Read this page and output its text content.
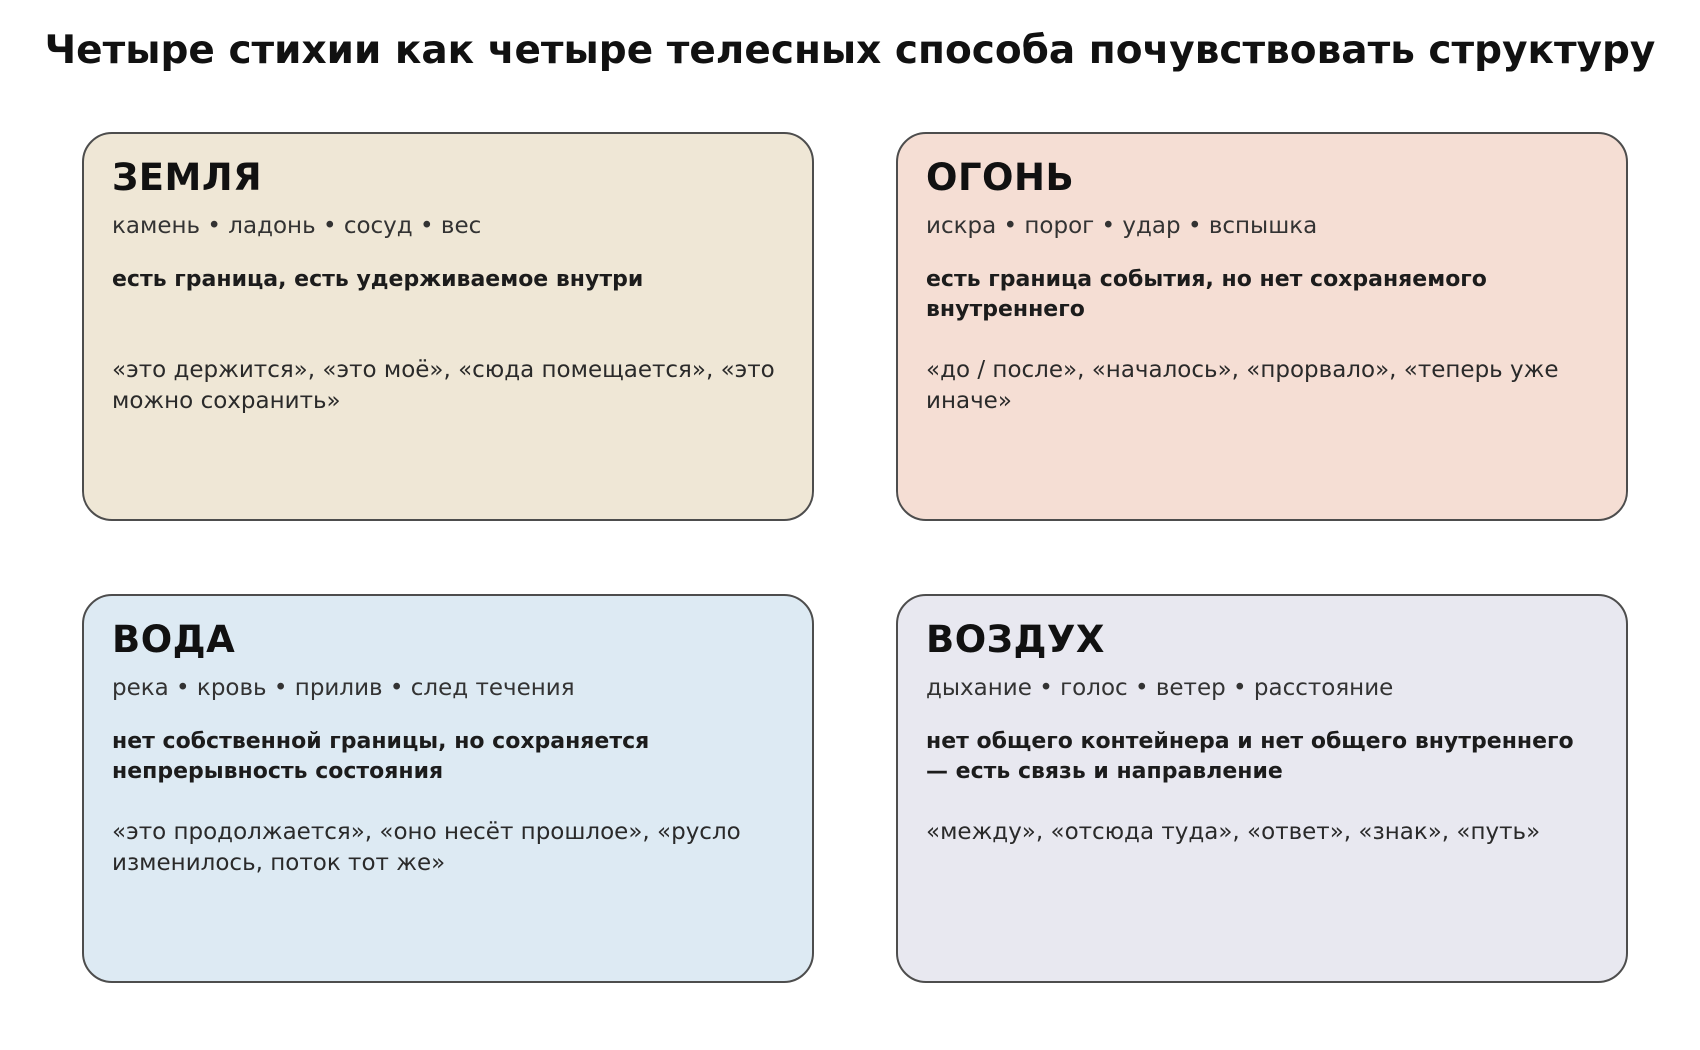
Четыре стихии как четыре телесных способа почувствовать структуру
ЗЕМЛЯ
камень • ладонь • сосуд • вес
есть граница, есть удерживаемое внутри
«это держится», «это моё», «сюда помещается», «это можно сохранить»
ОГОНЬ
искра • порог • удар • вспышка
есть граница события, но нет сохраняемого внутреннего
«до / после», «началось», «прорвало», «теперь уже иначе»
ВОДА
река • кровь • прилив • след течения
нет собственной границы, но сохраняется непрерывность состояния
«это продолжается», «оно несёт прошлое», «русло изменилось, поток тот же»
ВОЗДУХ
дыхание • голос • ветер • расстояние
нет общего контейнера и нет общего внутреннего — есть связь и направление
«между», «отсюда туда», «ответ», «знак», «путь»
